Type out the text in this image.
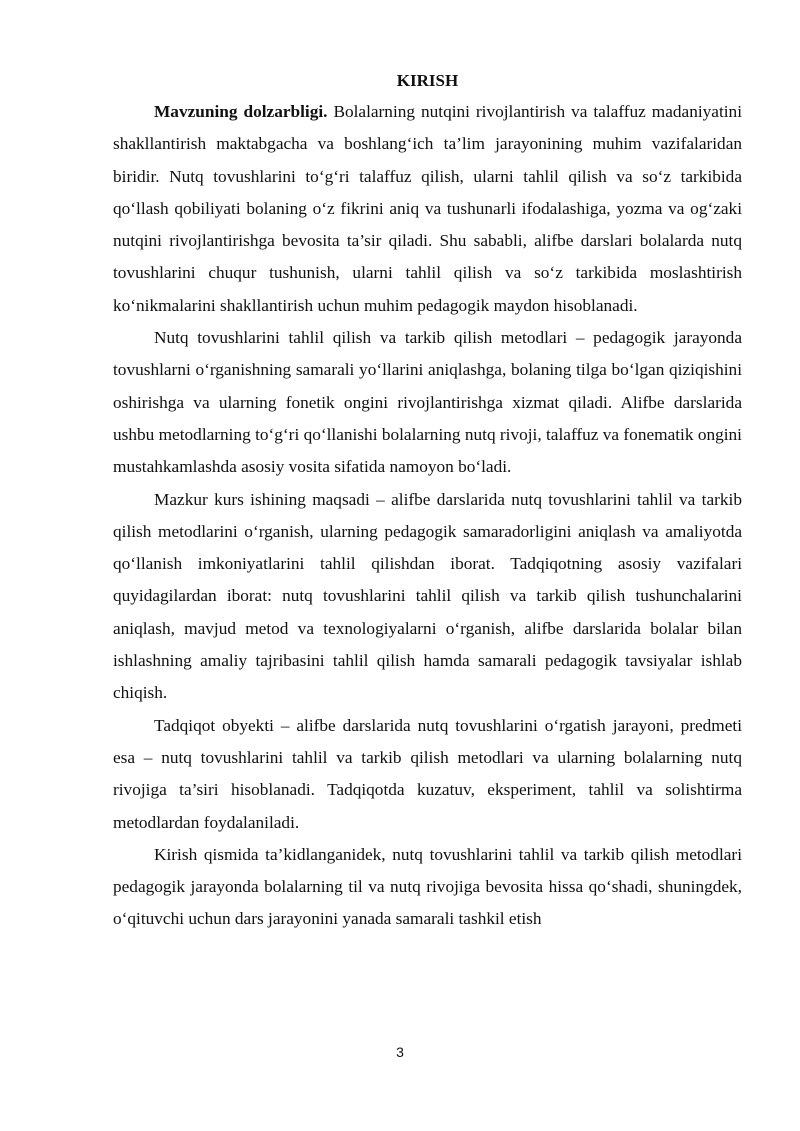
KIRISH

Mavzuning dolzarbligi. Bolalarning nutqini rivojlantirish va talaffuz madaniyatini shakllantirish maktabgacha va boshlang‘ich ta’lim jarayonining muhim vazifalaridan biridir. Nutq tovushlarini to‘g‘ri talaffuz qilish, ularni tahlil qilish va so‘z tarkibida qo‘llash qobiliyati bolaning o‘z fikrini aniq va tushunarli ifodalashiga, yozma va og‘zaki nutqini rivojlantirishga bevosita ta’sir qiladi. Shu sababli, alifbe darslari bolalarda nutq tovushlarini chuqur tushunish, ularni tahlil qilish va so‘z tarkibida moslashtirish ko‘nikmalarini shakllantirish uchun muhim pedagogik maydon hisoblanadi.

Nutq tovushlarini tahlil qilish va tarkib qilish metodlari – pedagogik jarayonda tovushlarni o‘rganishning samarali yo‘llarini aniqlashga, bolaning tilga bo‘lgan qiziqishini oshirishga va ularning fonetik ongini rivojlantirishga xizmat qiladi. Alifbe darslarida ushbu metodlarning to‘g‘ri qo‘llanishi bolalarning nutq rivoji, talaffuz va fonematik ongini mustahkamlashda asosiy vosita sifatida namoyon bo‘ladi.

Mazkur kurs ishining maqsadi – alifbe darslarida nutq tovushlarini tahlil va tarkib qilish metodlarini o‘rganish, ularning pedagogik samaradorligini aniqlash va amaliyotda qo‘llanish imkoniyatlarini tahlil qilishdan iborat. Tadqiqotning asosiy vazifalari quyidagilardan iborat: nutq tovushlarini tahlil qilish va tarkib qilish tushunchalarini aniqlash, mavjud metod va texnologiyalarni o‘rganish, alifbe darslarida bolalar bilan ishlashning amaliy tajribasini tahlil qilish hamda samarali pedagogik tavsiyalar ishlab chiqish.

Tadqiqot obyekti – alifbe darslarida nutq tovushlarini o‘rgatish jarayoni, predmeti esa – nutq tovushlarini tahlil va tarkib qilish metodlari va ularning bolalarning nutq rivojiga ta’siri hisoblanadi. Tadqiqotda kuzatuv, eksperiment, tahlil va solishtirma metodlardan foydalaniladi.

Kirish qismida ta’kidlanganidek, nutq tovushlarini tahlil va tarkib qilish metodlari pedagogik jarayonda bolalarning til va nutq rivojiga bevosita hissa qo‘shadi, shuningdek, o‘qituvchi uchun dars jarayonini yanada samarali tashkil etish

3
